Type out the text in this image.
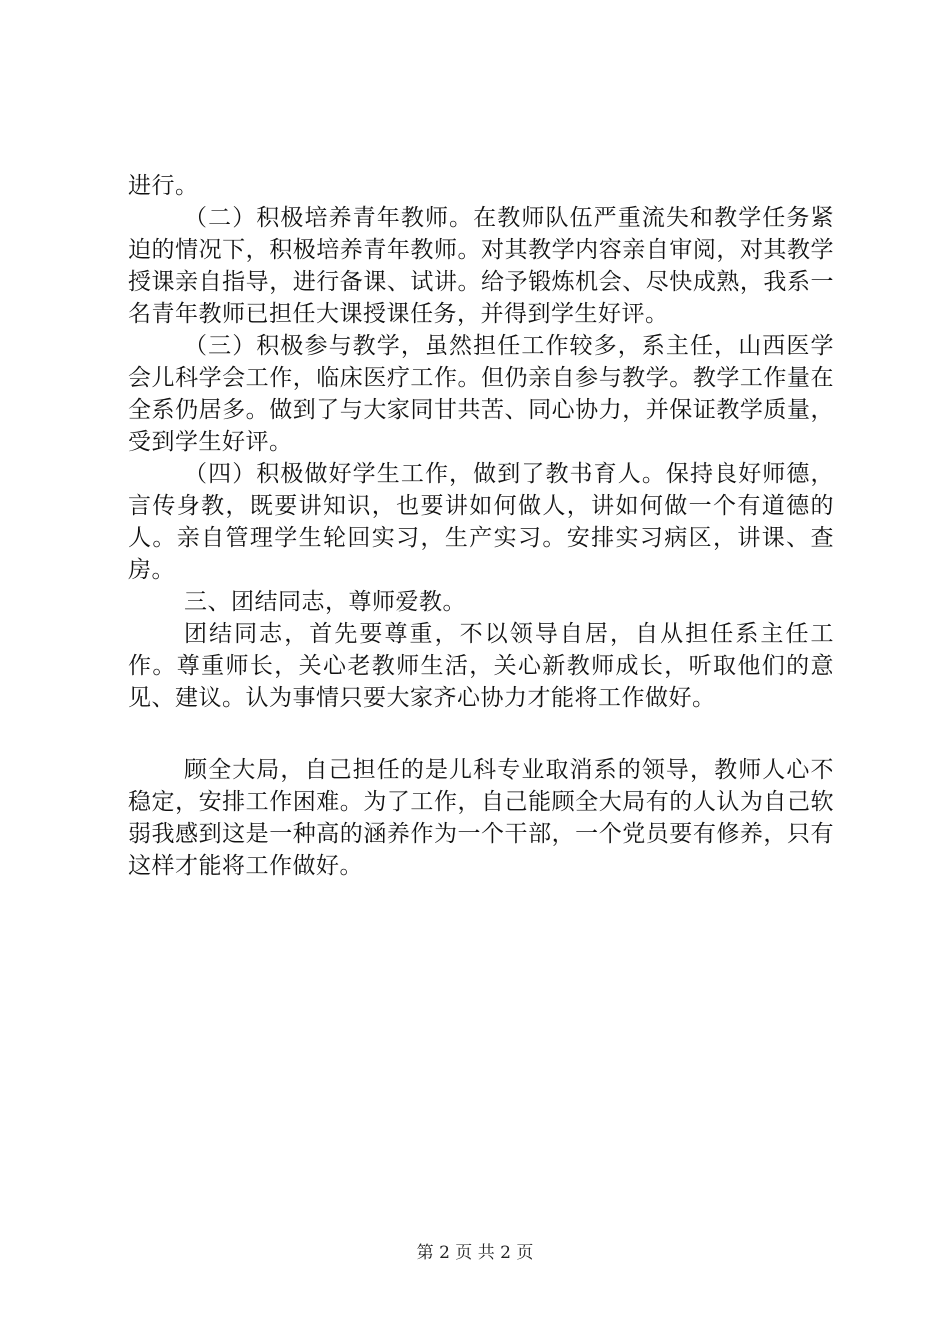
进行。

（二）积极培养青年教师。在教师队伍严重流失和教学任务紧迫的情况下，积极培养青年教师。对其教学内容亲自审阅，对其教学授课亲自指导，进行备课、试讲。给予锻炼机会、尽快成熟，我系一名青年教师已担任大课授课任务，并得到学生好评。

（三）积极参与教学，虽然担任工作较多，系主任，山西医学会儿科学会工作，临床医疗工作。但仍亲自参与教学。教学工作量在全系仍居多。做到了与大家同甘共苦、同心协力，并保证教学质量，受到学生好评。

（四）积极做好学生工作，做到了教书育人。保持良好师德，言传身教，既要讲知识，也要讲如何做人，讲如何做一个有道德的人。亲自管理学生轮回实习，生产实习。安排实习病区，讲课、查房。

三、团结同志，尊师爱教。

团结同志，首先要尊重，不以领导自居，自从担任系主任工作。尊重师长，关心老教师生活，关心新教师成长，听取他们的意见、建议。认为事情只要大家齐心协力才能将工作做好。

顾全大局，自己担任的是儿科专业取消系的领导，教师人心不稳定，安排工作困难。为了工作，自己能顾全大局有的人认为自己软弱我感到这是一种高的涵养作为一个干部，一个党员要有修养，只有这样才能将工作做好。

第 2 页 共 2 页
